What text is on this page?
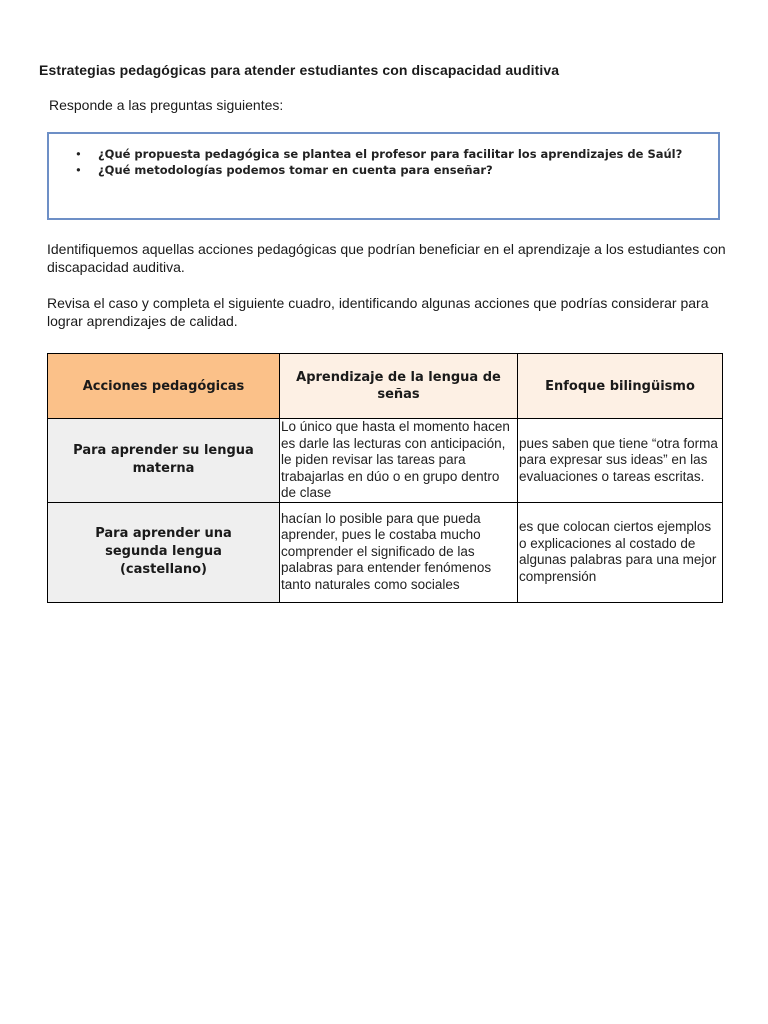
Estrategias pedagógicas para atender estudiantes con discapacidad auditiva
Responde a las preguntas siguientes:
• ¿Qué propuesta pedagógica se plantea el profesor para facilitar los aprendizajes de Saúl?
• ¿Qué metodologías podemos tomar en cuenta para enseñar?
Identifiquemos aquellas acciones pedagógicas que podrían beneficiar en el aprendizaje a los estudiantes con discapacidad auditiva.
Revisa el caso y completa el siguiente cuadro, identificando algunas acciones que podrías considerar para lograr aprendizajes de calidad.
Acciones pedagógicas	Aprendizaje de la lengua de señas	Enfoque bilingüismo
Para aprender su lengua materna	Lo único que hasta el momento hacen es darle las lecturas con anticipación, le piden revisar las tareas para trabajarlas en dúo o en grupo dentro de clase	pues saben que tiene “otra forma para expresar sus ideas” en las evaluaciones o tareas escritas.
Para aprender una segunda lengua (castellano)	hacían lo posible para que pueda aprender, pues le costaba mucho comprender el significado de las palabras para entender fenómenos tanto naturales como sociales	es que colocan ciertos ejemplos o explicaciones al costado de algunas palabras para una mejor comprensión
